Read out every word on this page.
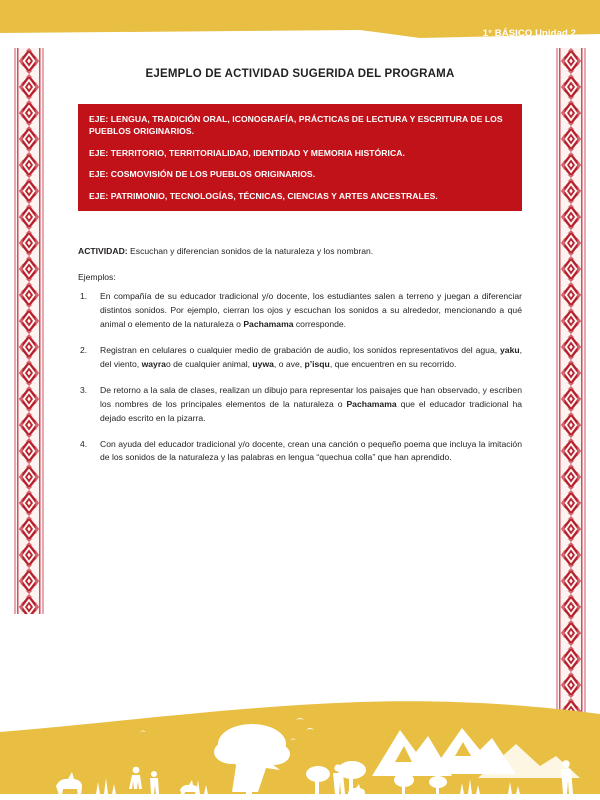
1° BÁSICO Unidad 2
EJEMPLO DE ACTIVIDAD SUGERIDA DEL PROGRAMA

EJE: LENGUA, TRADICIÓN ORAL, ICONOGRAFÍA, PRÁCTICAS DE LECTURA Y ESCRITURA DE LOS PUEBLOS ORIGINARIOS.

EJE: TERRITORIO, TERRITORIALIDAD, IDENTIDAD Y MEMORIA HISTÓRICA.

EJE: COSMOVISIÓN DE LOS PUEBLOS ORIGINARIOS.

EJE: PATRIMONIO, TECNOLOGÍAS, TÉCNICAS, CIENCIAS Y ARTES ANCESTRALES.

ACTIVIDAD: Escuchan y diferencian sonidos de la naturaleza y los nombran.
Ejemplos:
En compañía de su educador tradicional y/o docente, los estudiantes salen a terreno y juegan a diferenciar distintos sonidos. Por ejemplo, cierran los ojos y escuchan los sonidos a su alrededor, mencionando a qué animal o elemento de la naturaleza o Pachamama corresponde.
Registran en celulares o cualquier medio de grabación de audio, los sonidos representativos del agua, yaku, del viento, wayrao de cualquier animal, uywa, o ave, p’isqu, que encuentren en su recorrido.
De retorno a la sala de clases, realizan un dibujo para representar los paisajes que han observado, y escriben los nombres de los principales elementos de la naturaleza o Pachamama que el educador tradicional ha dejado escrito en la pizarra.
Con ayuda del educador tradicional y/o docente, crean una canción o pequeño poema que incluya la imitación de los sonidos de la naturaleza y las palabras en lengua “quechua colla” que han aprendido.
